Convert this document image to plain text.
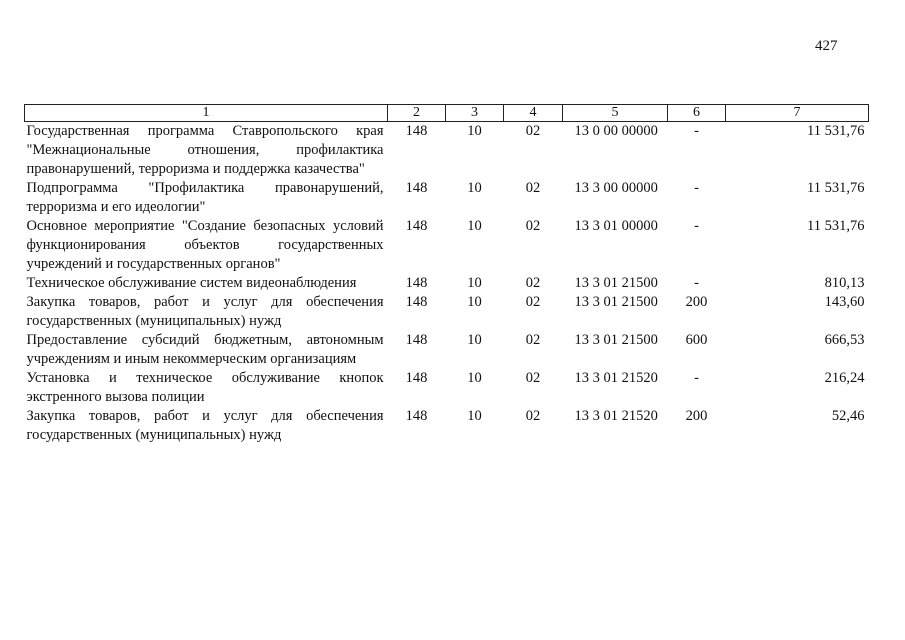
427
1	2	3	4	5	6	7
Государственная программа Ставропольского края "Межнациональные отношения, профилактика правонарушений, терроризма и поддержка казачества"	148	10	02	13 0 00 00000	-	11 531,76
Подпрограмма "Профилактика правонарушений, терроризма и его идеологии"	148	10	02	13 3 00 00000	-	11 531,76
Основное мероприятие "Создание безопасных условий функционирования объектов государственных учреждений и государственных органов"	148	10	02	13 3 01 00000	-	11 531,76
Техническое обслуживание систем видеонаблюдения	148	10	02	13 3 01 21500	-	810,13
Закупка товаров, работ и услуг для обеспечения государственных (муниципальных) нужд	148	10	02	13 3 01 21500	200	143,60
Предоставление субсидий бюджетным, автономным учреждениям и иным некоммерческим организациям	148	10	02	13 3 01 21500	600	666,53
Установка и техническое обслуживание кнопок экстренного вызова полиции	148	10	02	13 3 01 21520	-	216,24
Закупка товаров, работ и услуг для обеспечения государственных (муниципальных) нужд	148	10	02	13 3 01 21520	200	52,46
